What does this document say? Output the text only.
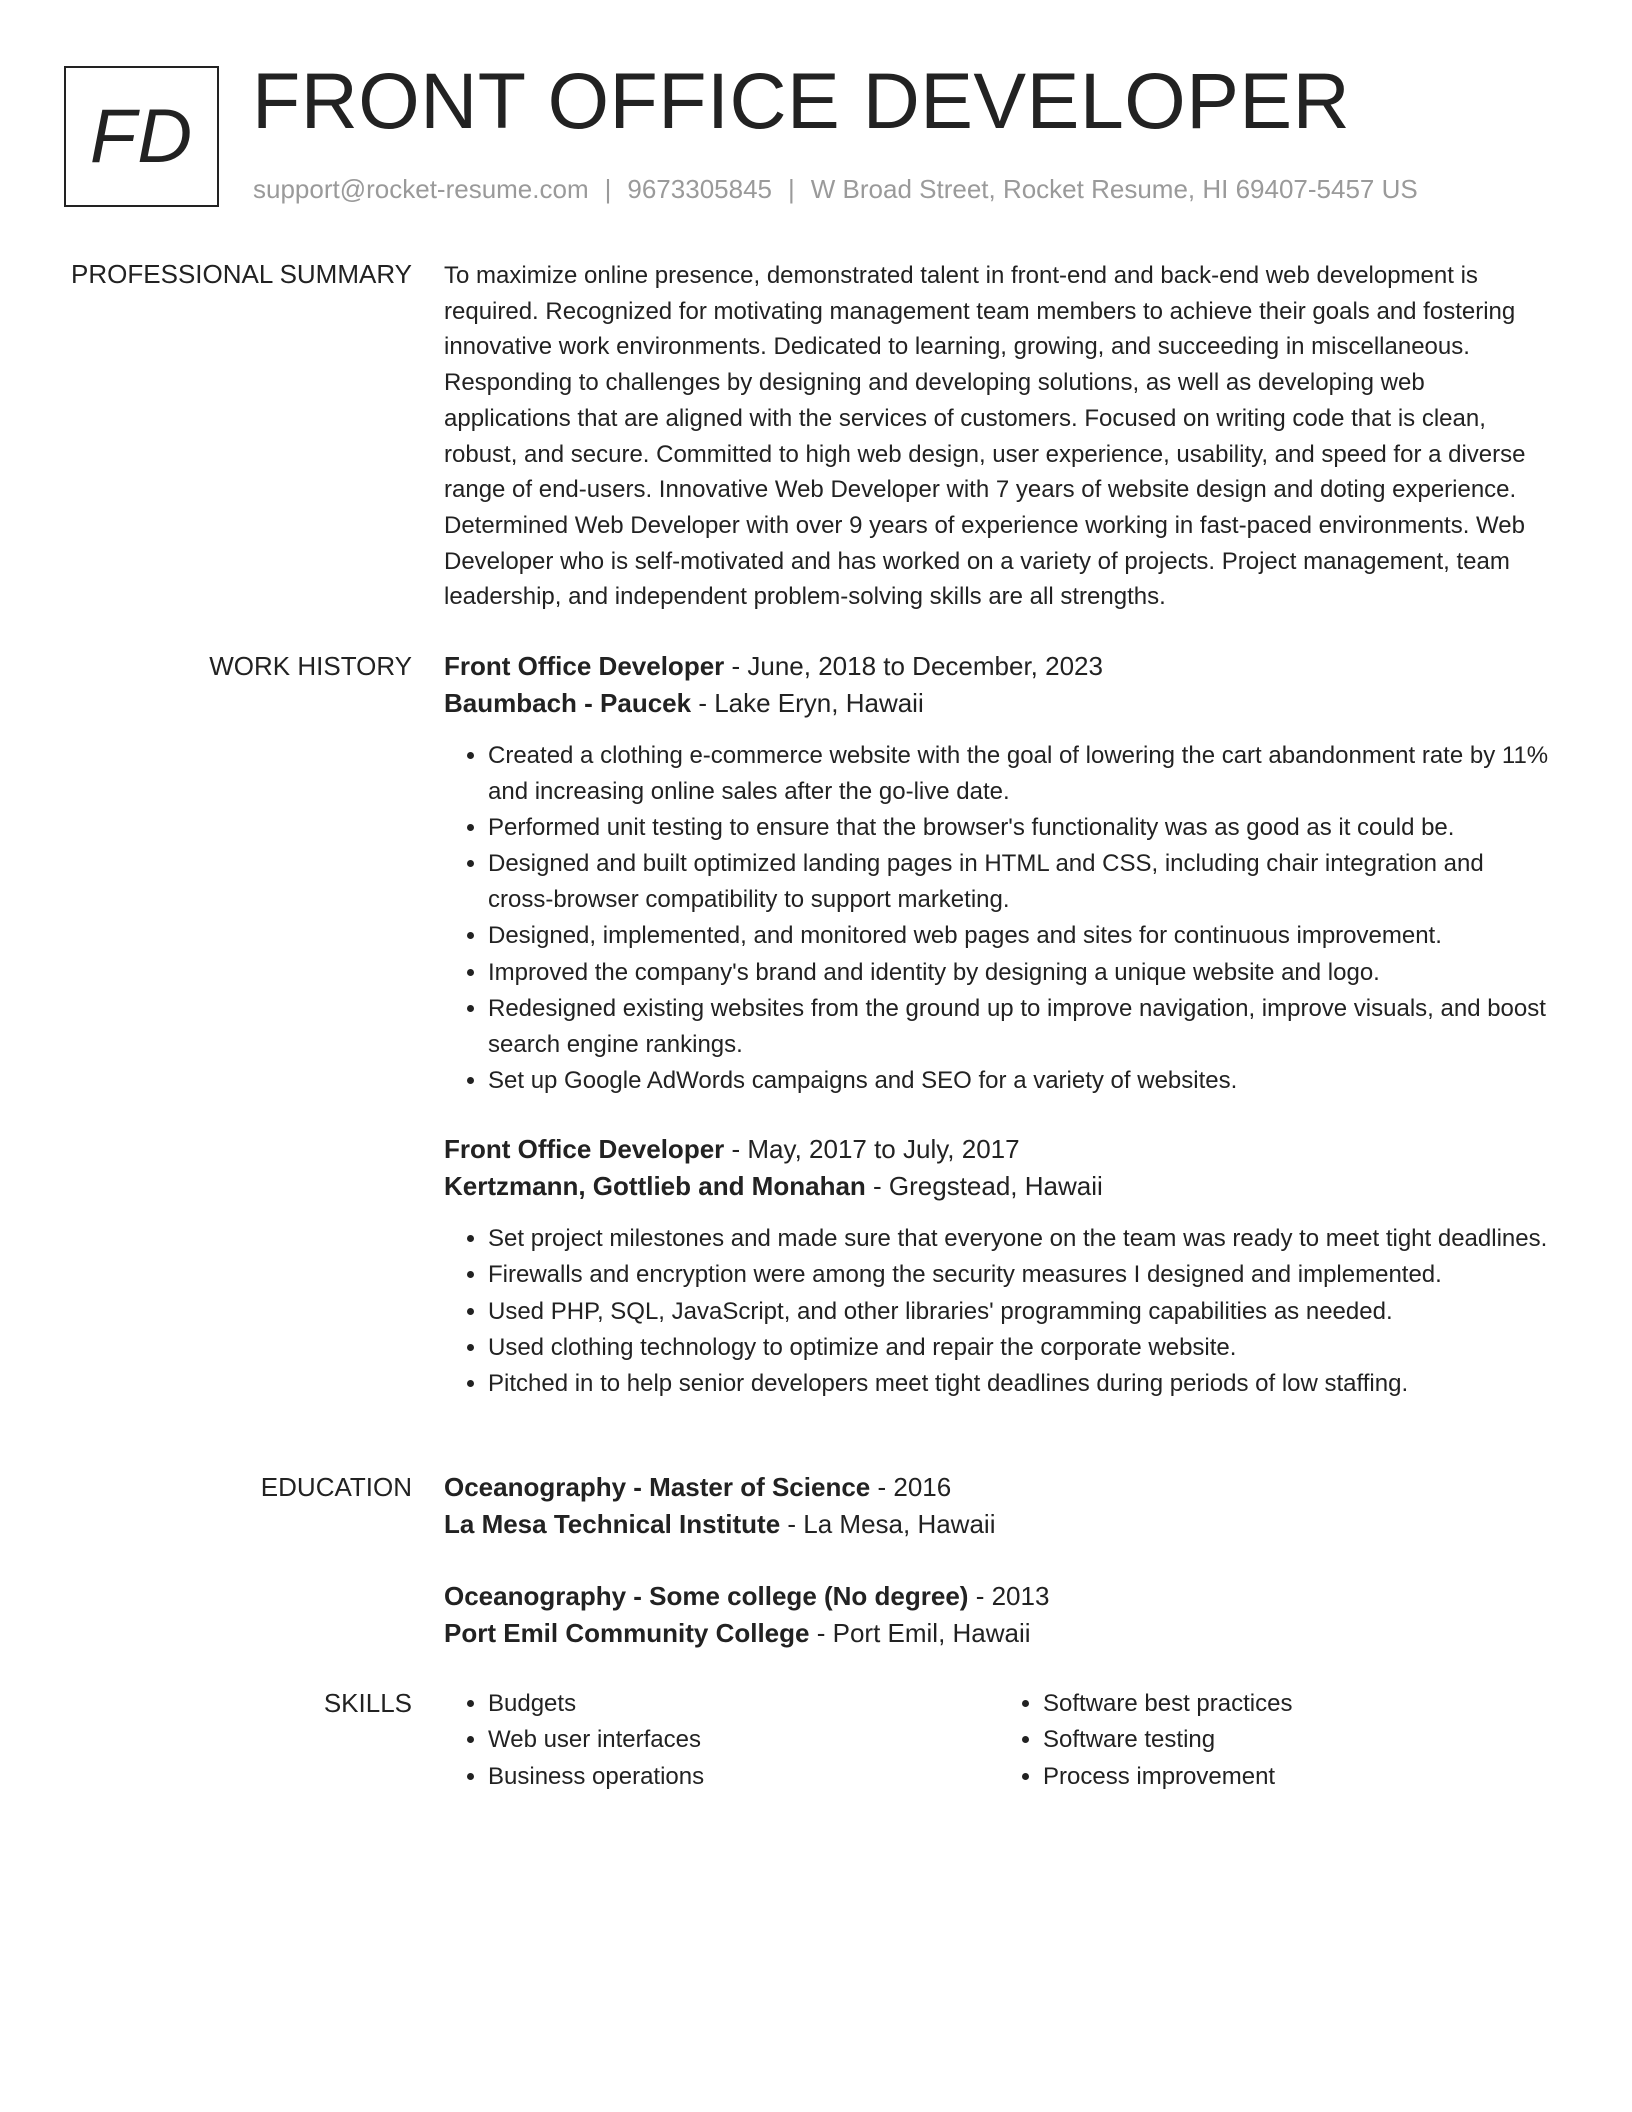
FD FRONT OFFICE DEVELOPER
support@rocket-resume.com | 9673305845 | W Broad Street, Rocket Resume, HI 69407-5457 US
PROFESSIONAL SUMMARY To maximize online presence, demonstrated talent in front-end and back-end web development is required. Recognized for motivating management team members to achieve their goals and fostering innovative work environments. Dedicated to learning, growing, and succeeding in miscellaneous. Responding to challenges by designing and developing solutions, as well as developing web applications that are aligned with the services of customers. Focused on writing code that is clean, robust, and secure. Committed to high web design, user experience, usability, and speed for a diverse range of end-users. Innovative Web Developer with 7 years of website design and doting experience. Determined Web Developer with over 9 years of experience working in fast-paced environments. Web Developer who is self-motivated and has worked on a variety of projects. Project management, team leadership, and independent problem-solving skills are all strengths.

WORK HISTORY Front Office Developer - June, 2018 to December, 2023
Baumbach - Paucek - Lake Eryn, Hawaii
• Created a clothing e-commerce website with the goal of lowering the cart abandonment rate by 11% and increasing online sales after the go-live date.
• Performed unit testing to ensure that the browser's functionality was as good as it could be.
• Designed and built optimized landing pages in HTML and CSS, including chair integration and cross-browser compatibility to support marketing.
• Designed, implemented, and monitored web pages and sites for continuous improvement.
• Improved the company's brand and identity by designing a unique website and logo.
• Redesigned existing websites from the ground up to improve navigation, improve visuals, and boost search engine rankings.
• Set up Google AdWords campaigns and SEO for a variety of websites.
Front Office Developer - May, 2017 to July, 2017
Kertzmann, Gottlieb and Monahan - Gregstead, Hawaii
• Set project milestones and made sure that everyone on the team was ready to meet tight deadlines.
• Firewalls and encryption were among the security measures I designed and implemented.
• Used PHP, SQL, JavaScript, and other libraries' programming capabilities as needed.
• Used clothing technology to optimize and repair the corporate website.
• Pitched in to help senior developers meet tight deadlines during periods of low staffing.
EDUCATION Oceanography - Master of Science - 2016
La Mesa Technical Institute - La Mesa, Hawaii
Oceanography - Some college (No degree) - 2013
Port Emil Community College - Port Emil, Hawaii
SKILLS
•	Budgets
• Web user interfaces
• Business operations
• Software best practices
• Software testing
• Process improvement
